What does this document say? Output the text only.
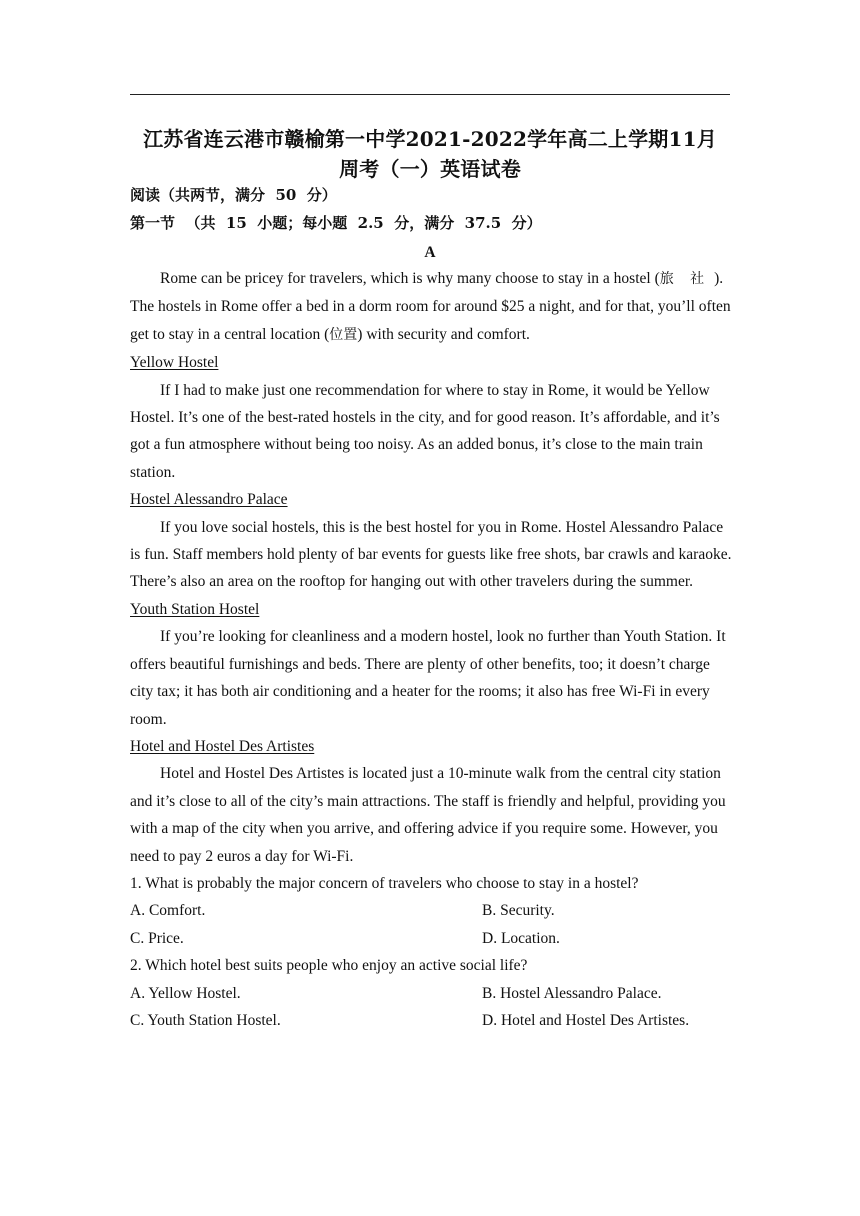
江苏省连云港市赣榆第一中学2021-2022学年高二上学期11月
周考（一）英语试卷
阅读（共两节，满分  50  分）
第一节  （共  15  小题；每小题  2.5  分，满分  37.5  分）
A

Rome can be pricey for travelers, which is why many choose to stay in a hostel (旅 社 ). The hostels in Rome offer a bed in a dorm room for around $25 a night, and for that, you’ll often get to stay in a central location (位置) with security and comfort.

Yellow Hostel

If I had to make just one recommendation for where to stay in Rome, it would be Yellow Hostel. It’s one of the best-rated hostels in the city, and for good reason. It’s affordable, and it’s got a fun atmosphere without being too noisy. As an added bonus, it’s close to the main train station.

Hostel Alessandro Palace

If you love social hostels, this is the best hostel for you in Rome. Hostel Alessandro Palace is fun. Staff members hold plenty of bar events for guests like free shots, bar crawls and karaoke. There’s also an area on the rooftop for hanging out with other travelers during the summer.

Youth Station Hostel

If you’re looking for cleanliness and a modern hostel, look no further than Youth Station. It offers beautiful furnishings and beds. There are plenty of other benefits, too; it doesn’t charge city tax; it has both air conditioning and a heater for the rooms; it also has free Wi-Fi in every room.

Hotel and Hostel Des Artistes

Hotel and Hostel Des Artistes is located just a 10-minute walk from the central city station and it’s close to all of the city’s main attractions. The staff is friendly and helpful, providing you with a map of the city when you arrive, and offering advice if you require some. However, you need to pay 2 euros a day for Wi-Fi.

1. What is probably the major concern of travelers who choose to stay in a hostel?

A. Comfort.	B. Security.
C. Price.	D. Location.

2. Which hotel best suits people who enjoy an active social life?

A. Yellow Hostel.	B. Hostel Alessandro Palace.
C. Youth Station Hostel.	D. Hotel and Hostel Des Artistes.
